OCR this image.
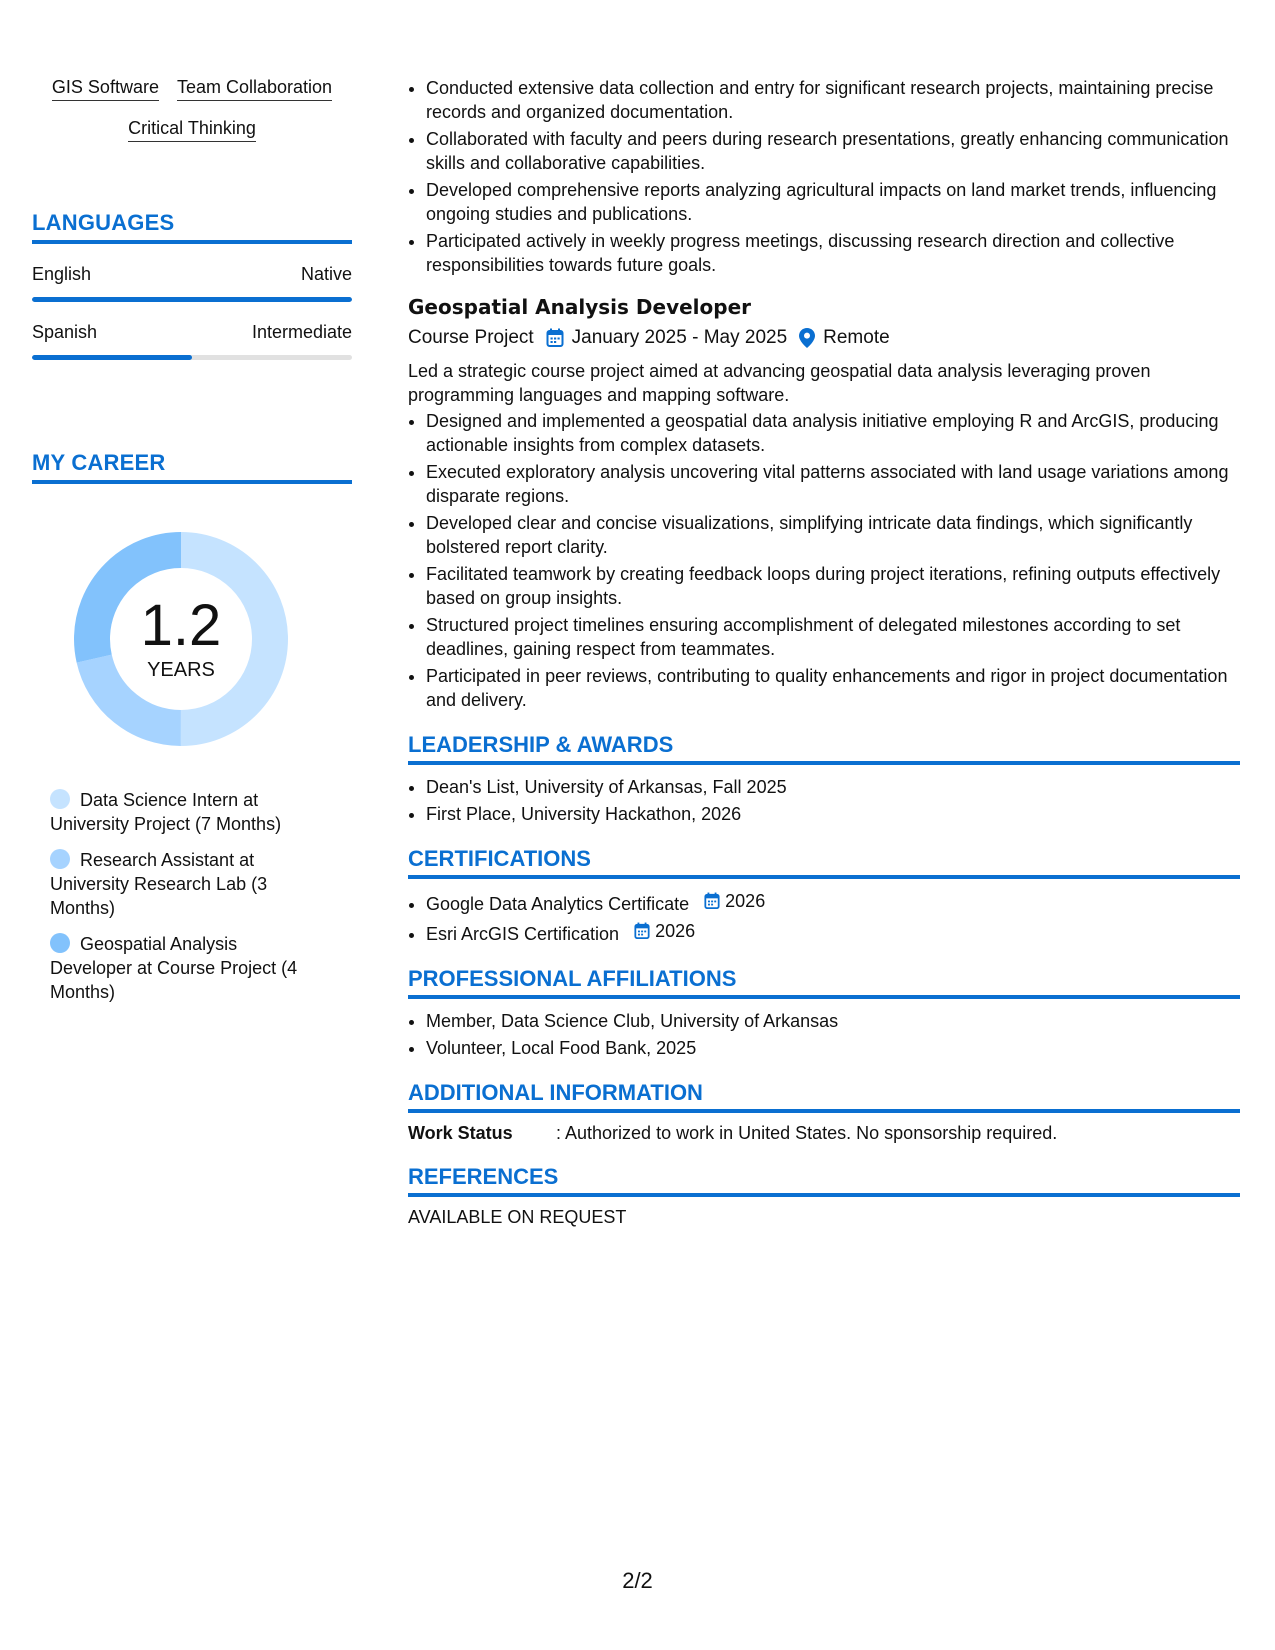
GIS Software Team Collaboration
Critical Thinking
LANGUAGES
English	Native
Spanish	Intermediate
MY CAREER
1.2
YEARS
Data Science Intern at University Project (7 Months)
Research Assistant at University Research Lab (3 Months)
Geospatial Analysis Developer at Course Project (4 Months)
• Conducted extensive data collection and entry for significant research projects, maintaining precise records and organized documentation.
• Collaborated with faculty and peers during research presentations, greatly enhancing communication skills and collaborative capabilities.
• Developed comprehensive reports analyzing agricultural impacts on land market trends, influencing ongoing studies and publications.
• Participated actively in weekly progress meetings, discussing research direction and collective responsibilities towards future goals.
Geospatial Analysis Developer
Course Project January 2025 - May 2025 Remote
Led a strategic course project aimed at advancing geospatial data analysis leveraging proven programming languages and mapping software.
• Designed and implemented a geospatial data analysis initiative employing R and ArcGIS, producing actionable insights from complex datasets.
• Executed exploratory analysis uncovering vital patterns associated with land usage variations among disparate regions.
• Developed clear and concise visualizations, simplifying intricate data findings, which significantly bolstered report clarity.
• Facilitated teamwork by creating feedback loops during project iterations, refining outputs effectively based on group insights.
• Structured project timelines ensuring accomplishment of delegated milestones according to set deadlines, gaining respect from teammates.
• Participated in peer reviews, contributing to quality enhancements and rigor in project documentation and delivery.
LEADERSHIP & AWARDS
• Dean's List, University of Arkansas, Fall 2025
• First Place, University Hackathon, 2026
CERTIFICATIONS
• Google Data Analytics Certificate 2026
• Esri ArcGIS Certification 2026
PROFESSIONAL AFFILIATIONS
• Member, Data Science Club, University of Arkansas
• Volunteer, Local Food Bank, 2025
ADDITIONAL INFORMATION
Work Status	: Authorized to work in United States. No sponsorship required.
REFERENCES
AVAILABLE ON REQUEST
2/2
